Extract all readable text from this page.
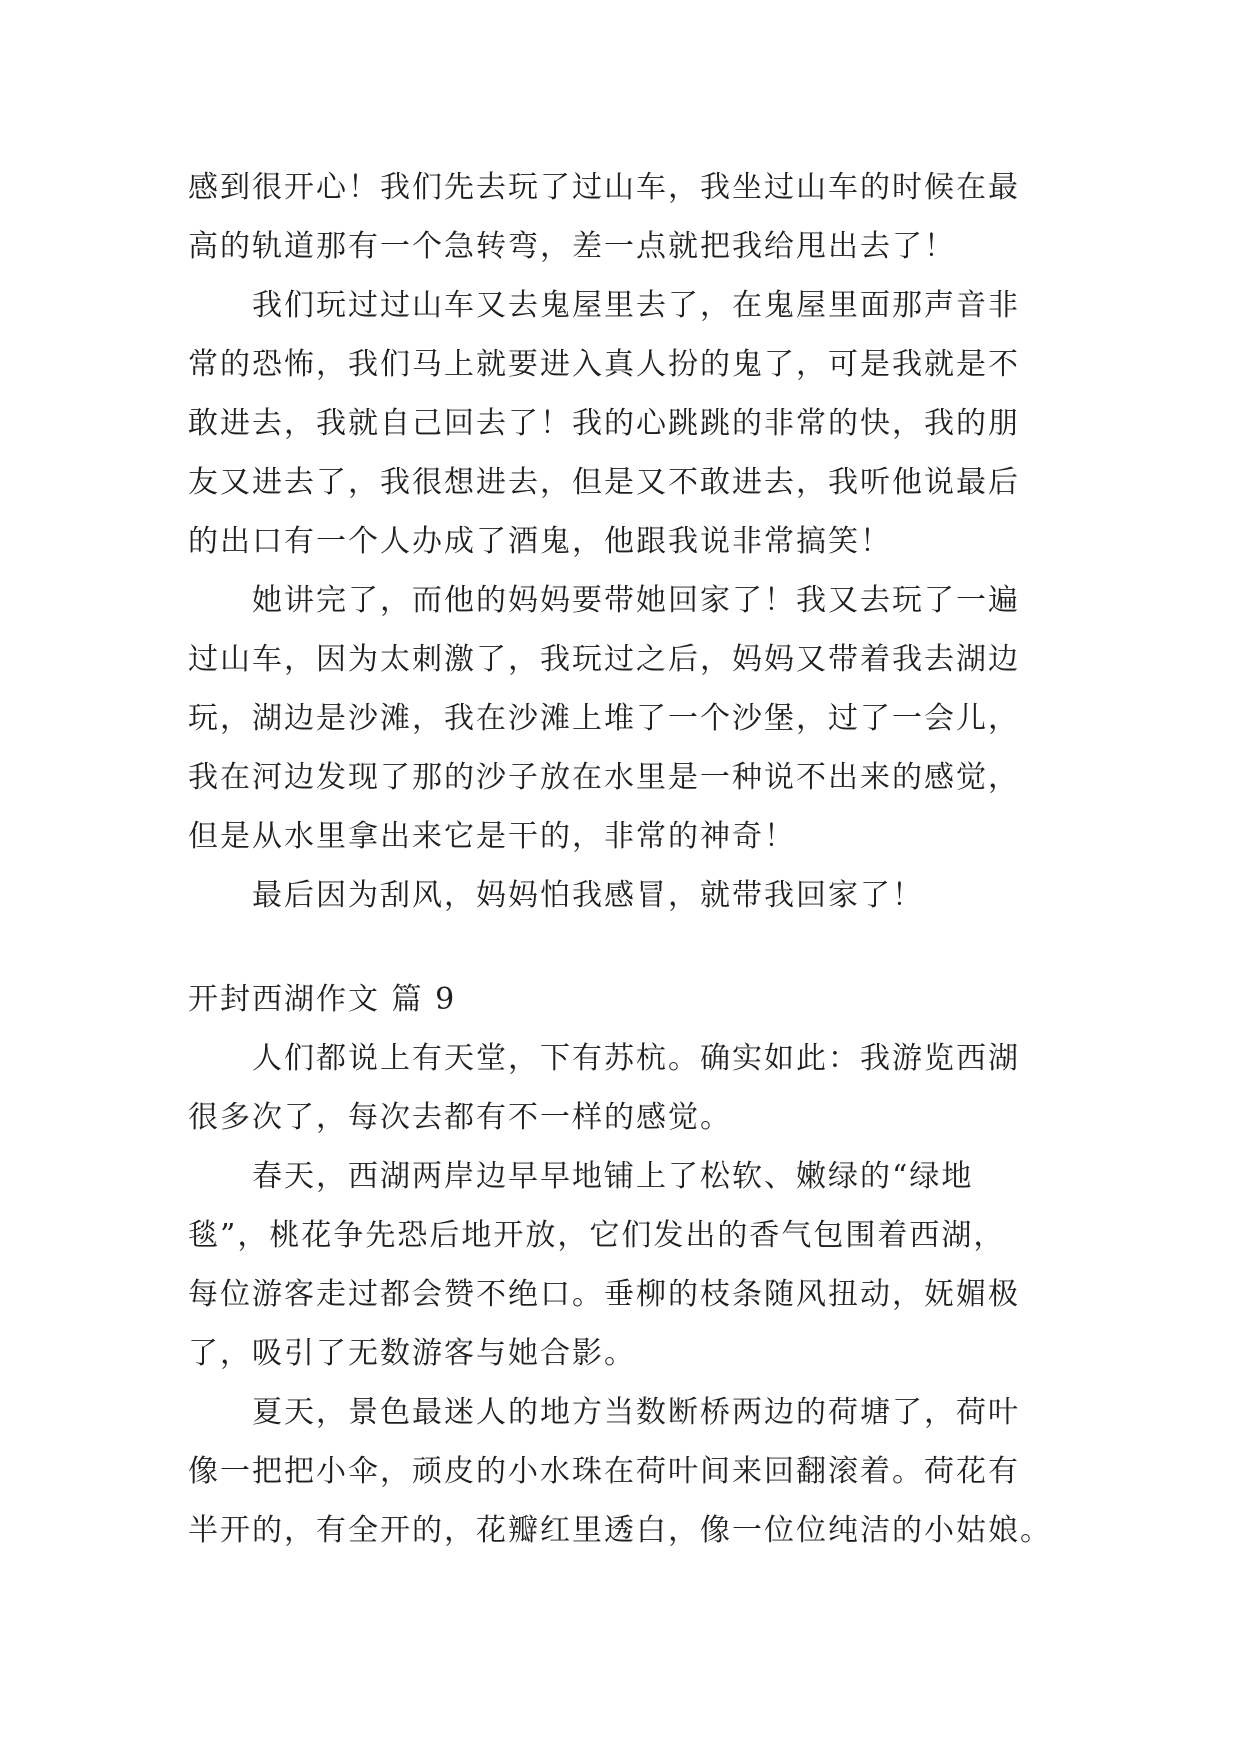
感到很开心！我们先去玩了过山车，我坐过山车的时候在最
高的轨道那有一个急转弯，差一点就把我给甩出去了！
我们玩过过山车又去鬼屋里去了，在鬼屋里面那声音非
常的恐怖，我们马上就要进入真人扮的鬼了，可是我就是不
敢进去，我就自己回去了！我的心跳跳的非常的快，我的朋
友又进去了，我很想进去，但是又不敢进去，我听他说最后
的出口有一个人办成了酒鬼，他跟我说非常搞笑！
她讲完了，而他的妈妈要带她回家了！我又去玩了一遍
过山车，因为太刺激了，我玩过之后，妈妈又带着我去湖边
玩，湖边是沙滩，我在沙滩上堆了一个沙堡，过了一会儿，
我在河边发现了那的沙子放在水里是一种说不出来的感觉，
但是从水里拿出来它是干的，非常的神奇！
最后因为刮风，妈妈怕我感冒，就带我回家了！
开封西湖作文 篇 9
人们都说上有天堂，下有苏杭。确实如此：我游览西湖
很多次了，每次去都有不一样的感觉。
春天，西湖两岸边早早地铺上了松软、嫩绿的“绿地
毯”，桃花争先恐后地开放，它们发出的香气包围着西湖，
每位游客走过都会赞不绝口。垂柳的枝条随风扭动，妩媚极
了，吸引了无数游客与她合影。
夏天，景色最迷人的地方当数断桥两边的荷塘了，荷叶
像一把把小伞，顽皮的小水珠在荷叶间来回翻滚着。荷花有
半开的，有全开的，花瓣红里透白，像一位位纯洁的小姑娘。
